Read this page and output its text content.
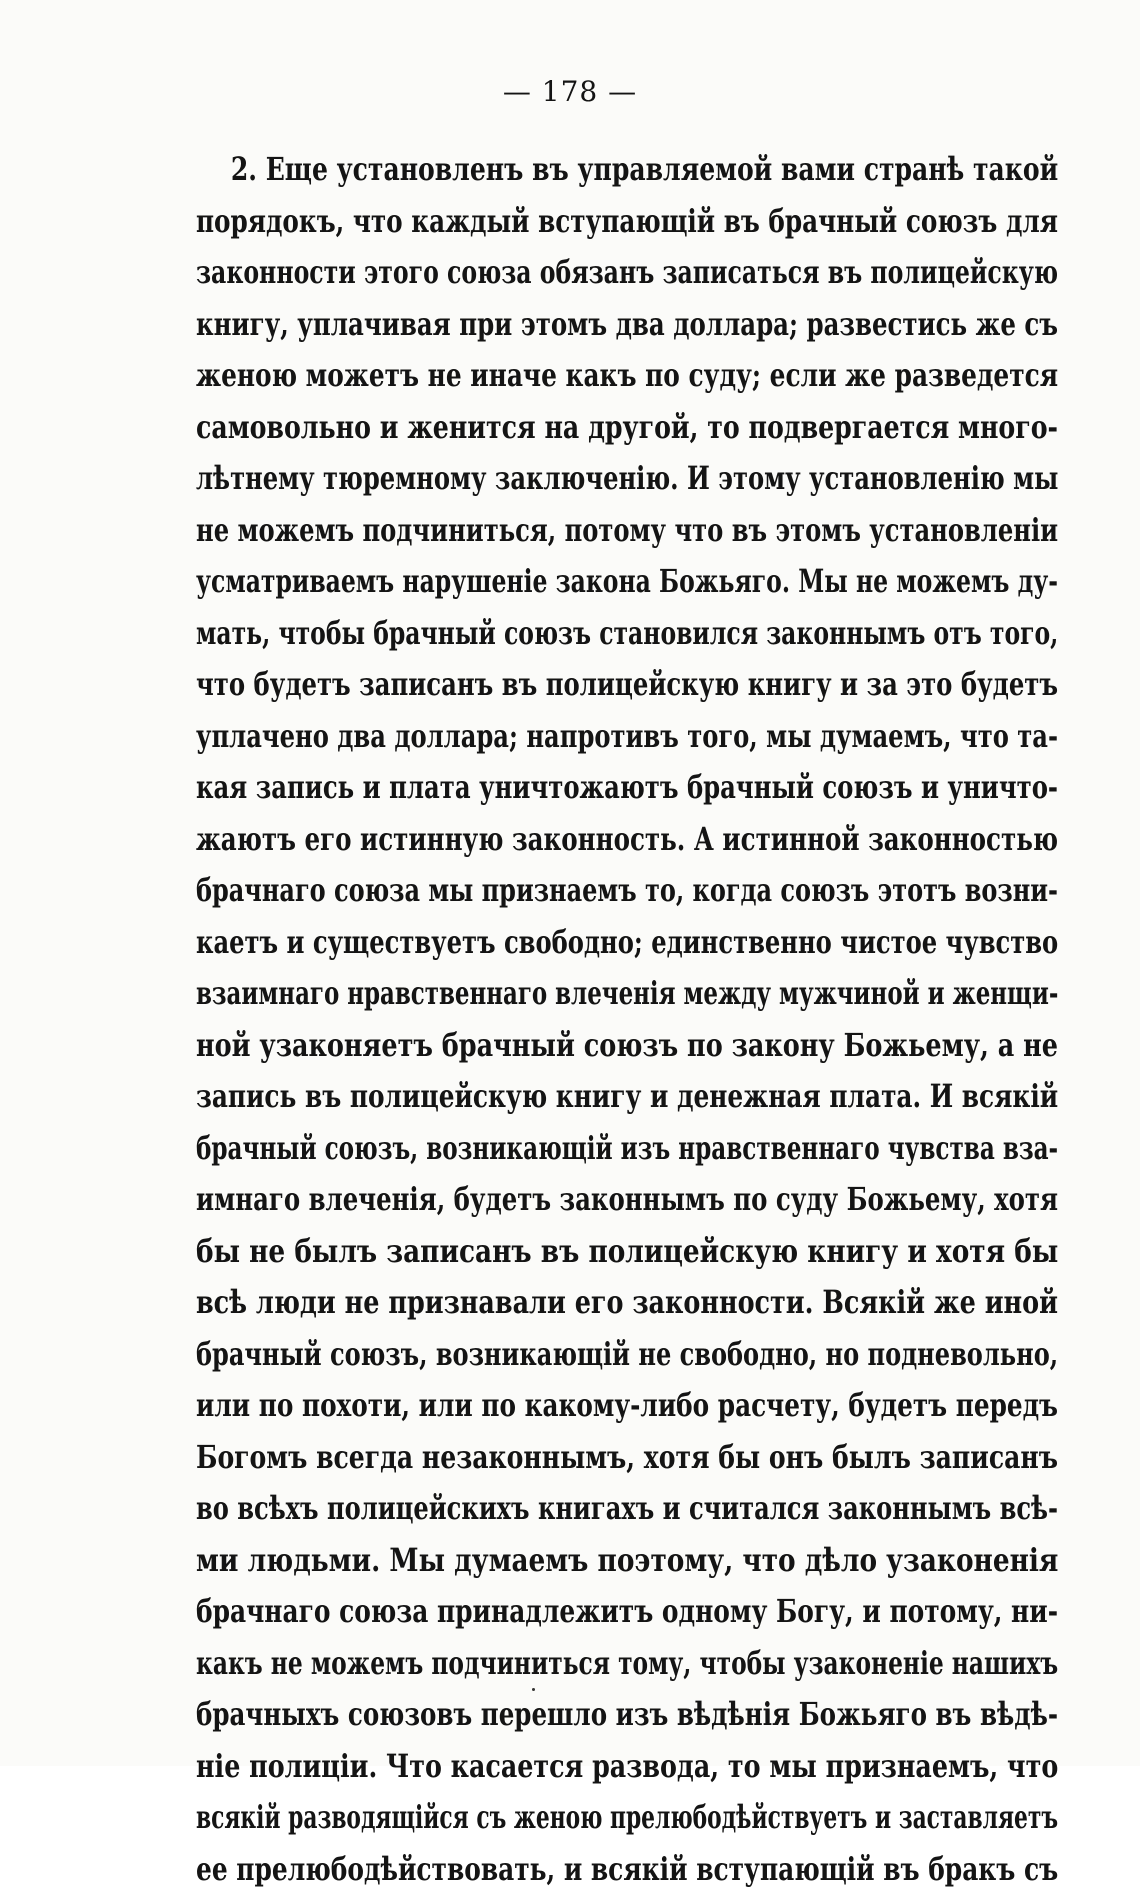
— 178 —
2. Еще установленъ въ управляемой вами странѣ такой
порядокъ, что каждый вступающій въ брачный союзъ для
законности этого союза обязанъ записаться въ полицейскую
книгу, уплачивая при этомъ два доллара; развестись же съ
женою можетъ не иначе какъ по суду; если же разведется
самовольно и женится на другой, то подвергается много-
лѣтнему тюремному заключенію. И этому установленію мы
не можемъ подчиниться, потому что въ этомъ установленіи
усматриваемъ нарушеніе закона Божьяго. Мы не можемъ ду-
мать, чтобы брачный союзъ становился законнымъ отъ того,
что будетъ записанъ въ полицейскую книгу и за это будетъ
уплачено два доллара; напротивъ того, мы думаемъ, что та-
кая запись и плата уничтожаютъ брачный союзъ и уничто-
жаютъ его истинную законность. А истинной законностью
брачнаго союза мы признаемъ то, когда союзъ этотъ возни-
каетъ и существуетъ свободно; единственно чистое чувство
взаимнаго нравственнаго влеченія между мужчиной и женщи-
ной узаконяетъ брачный союзъ по закону Божьему, а не
запись въ полицейскую книгу и денежная плата. И всякій
брачный союзъ, возникающій изъ нравственнаго чувства вза-
имнаго влеченія, будетъ законнымъ по суду Божьему, хотя
бы не былъ записанъ въ полицейскую книгу и хотя бы
всѣ люди не признавали его законности. Всякій же иной
брачный союзъ, возникающій не свободно, но подневольно,
или по похоти, или по какому-либо расчету, будетъ передъ
Богомъ всегда незаконнымъ, хотя бы онъ былъ записанъ
во всѣхъ полицейскихъ книгахъ и считался законнымъ всѣ-
ми людьми. Мы думаемъ поэтому, что дѣло узаконенія
брачнаго союза принадлежитъ одному Богу, и потому, ни-
какъ не можемъ подчиниться тому, чтобы узаконеніе нашихъ
брачныхъ союзовъ перешло изъ вѣдѣнія Божьяго въ вѣдѣ-
ніе полиціи. Что касается развода, то мы признаемъ, что
всякій разводящійся съ женою прелюбодѣйствуетъ и заставляетъ
ее прелюбодѣйствовать, и всякій вступающій въ бракъ съ
